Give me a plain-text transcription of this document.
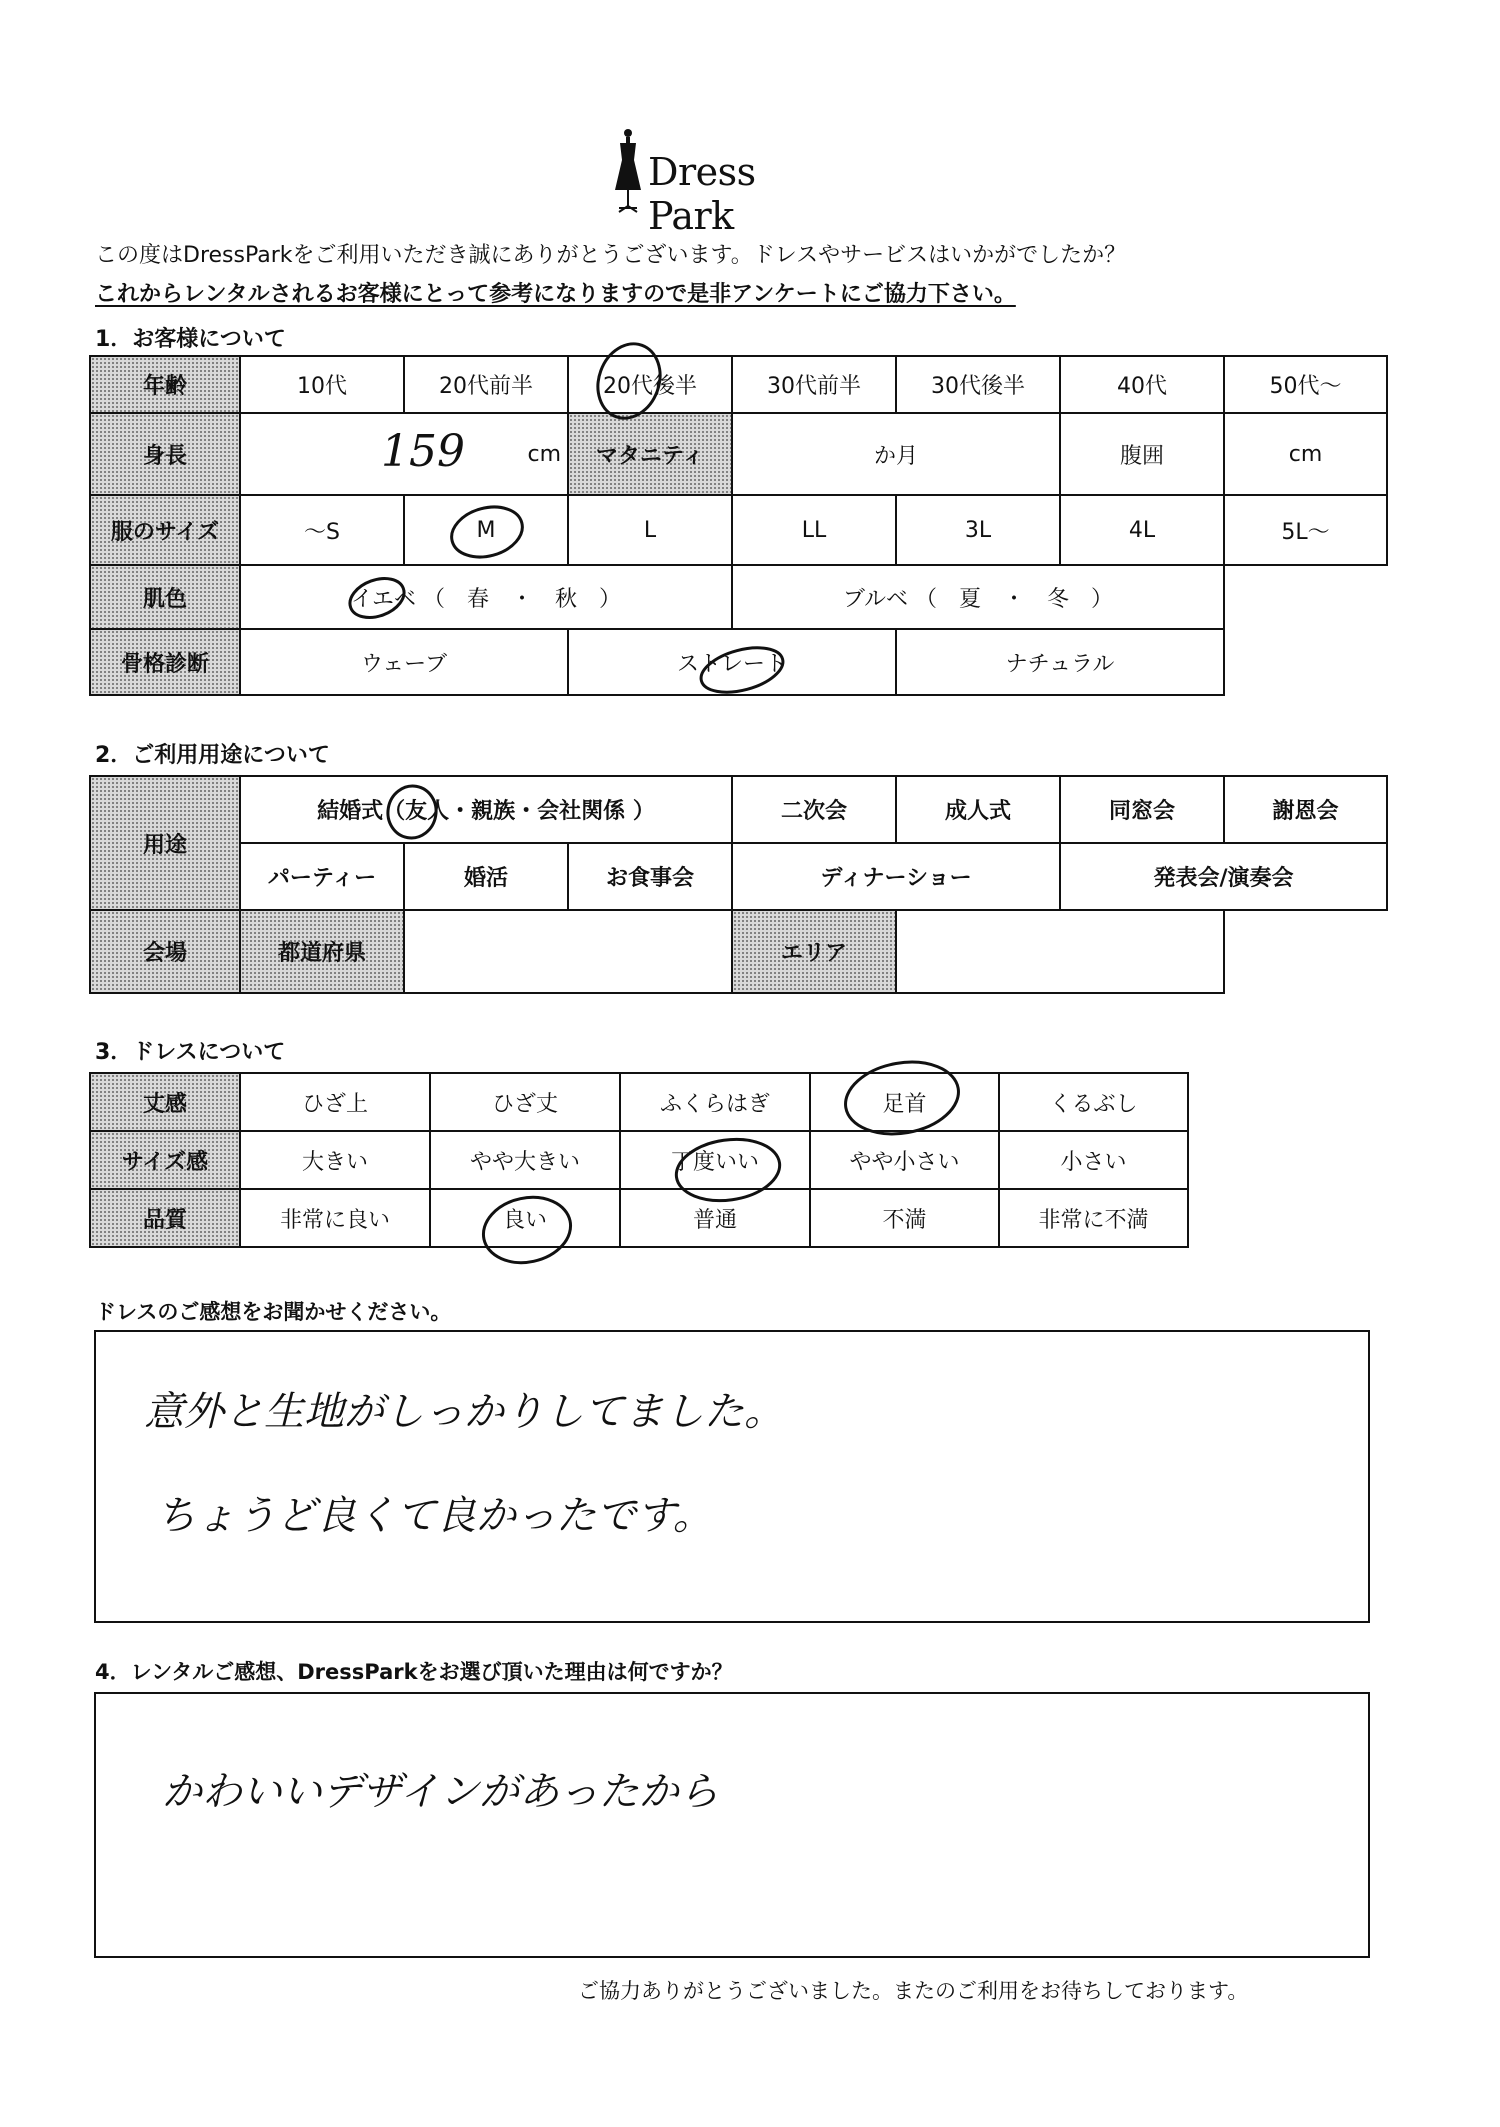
Dress Park
この度はDressParkをご利用いただき誠にありがとうございます。ドレスやサービスはいかがでしたか？
これからレンタルされるお客様にとって参考になりますので是非アンケートにご協力下さい。
1．お客様について
年齢	10代	20代前半	20代後半	30代前半	30代後半	40代	50代～
身長	159 cm		マタニティ	か月		腹囲	cm
服のサイズ	～S	M	L	LL	3L	4L	5L～
肌色	イエベ （　春　・　秋　）			ブルベ （　夏　・　冬　）			
骨格診断	ウェーブ		ストレート		ナチュラル		
2．ご利用用途について
用途	結婚式（友人・親族・会社関係 ）			二次会	成人式	同窓会	謝恩会
	パーティー	婚活	お食事会	ディナーショー		発表会/演奏会	
会場	都道府県			エリア			
3．ドレスについて
丈感	ひざ上	ひざ丈	ふくらはぎ	足首	くるぶし
サイズ感	大きい	やや大きい	丁度いい	やや小さい	小さい
品質	非常に良い	良い	普通	不満	非常に不満
ドレスのご感想をお聞かせください。
意外と生地がしっかりしてました。
ちょうど良くて良かったです。
4．レンタルご感想、DressParkをお選び頂いた理由は何ですか？
かわいいデザインがあったから
ご協力ありがとうございました。またのご利用をお待ちしております。
